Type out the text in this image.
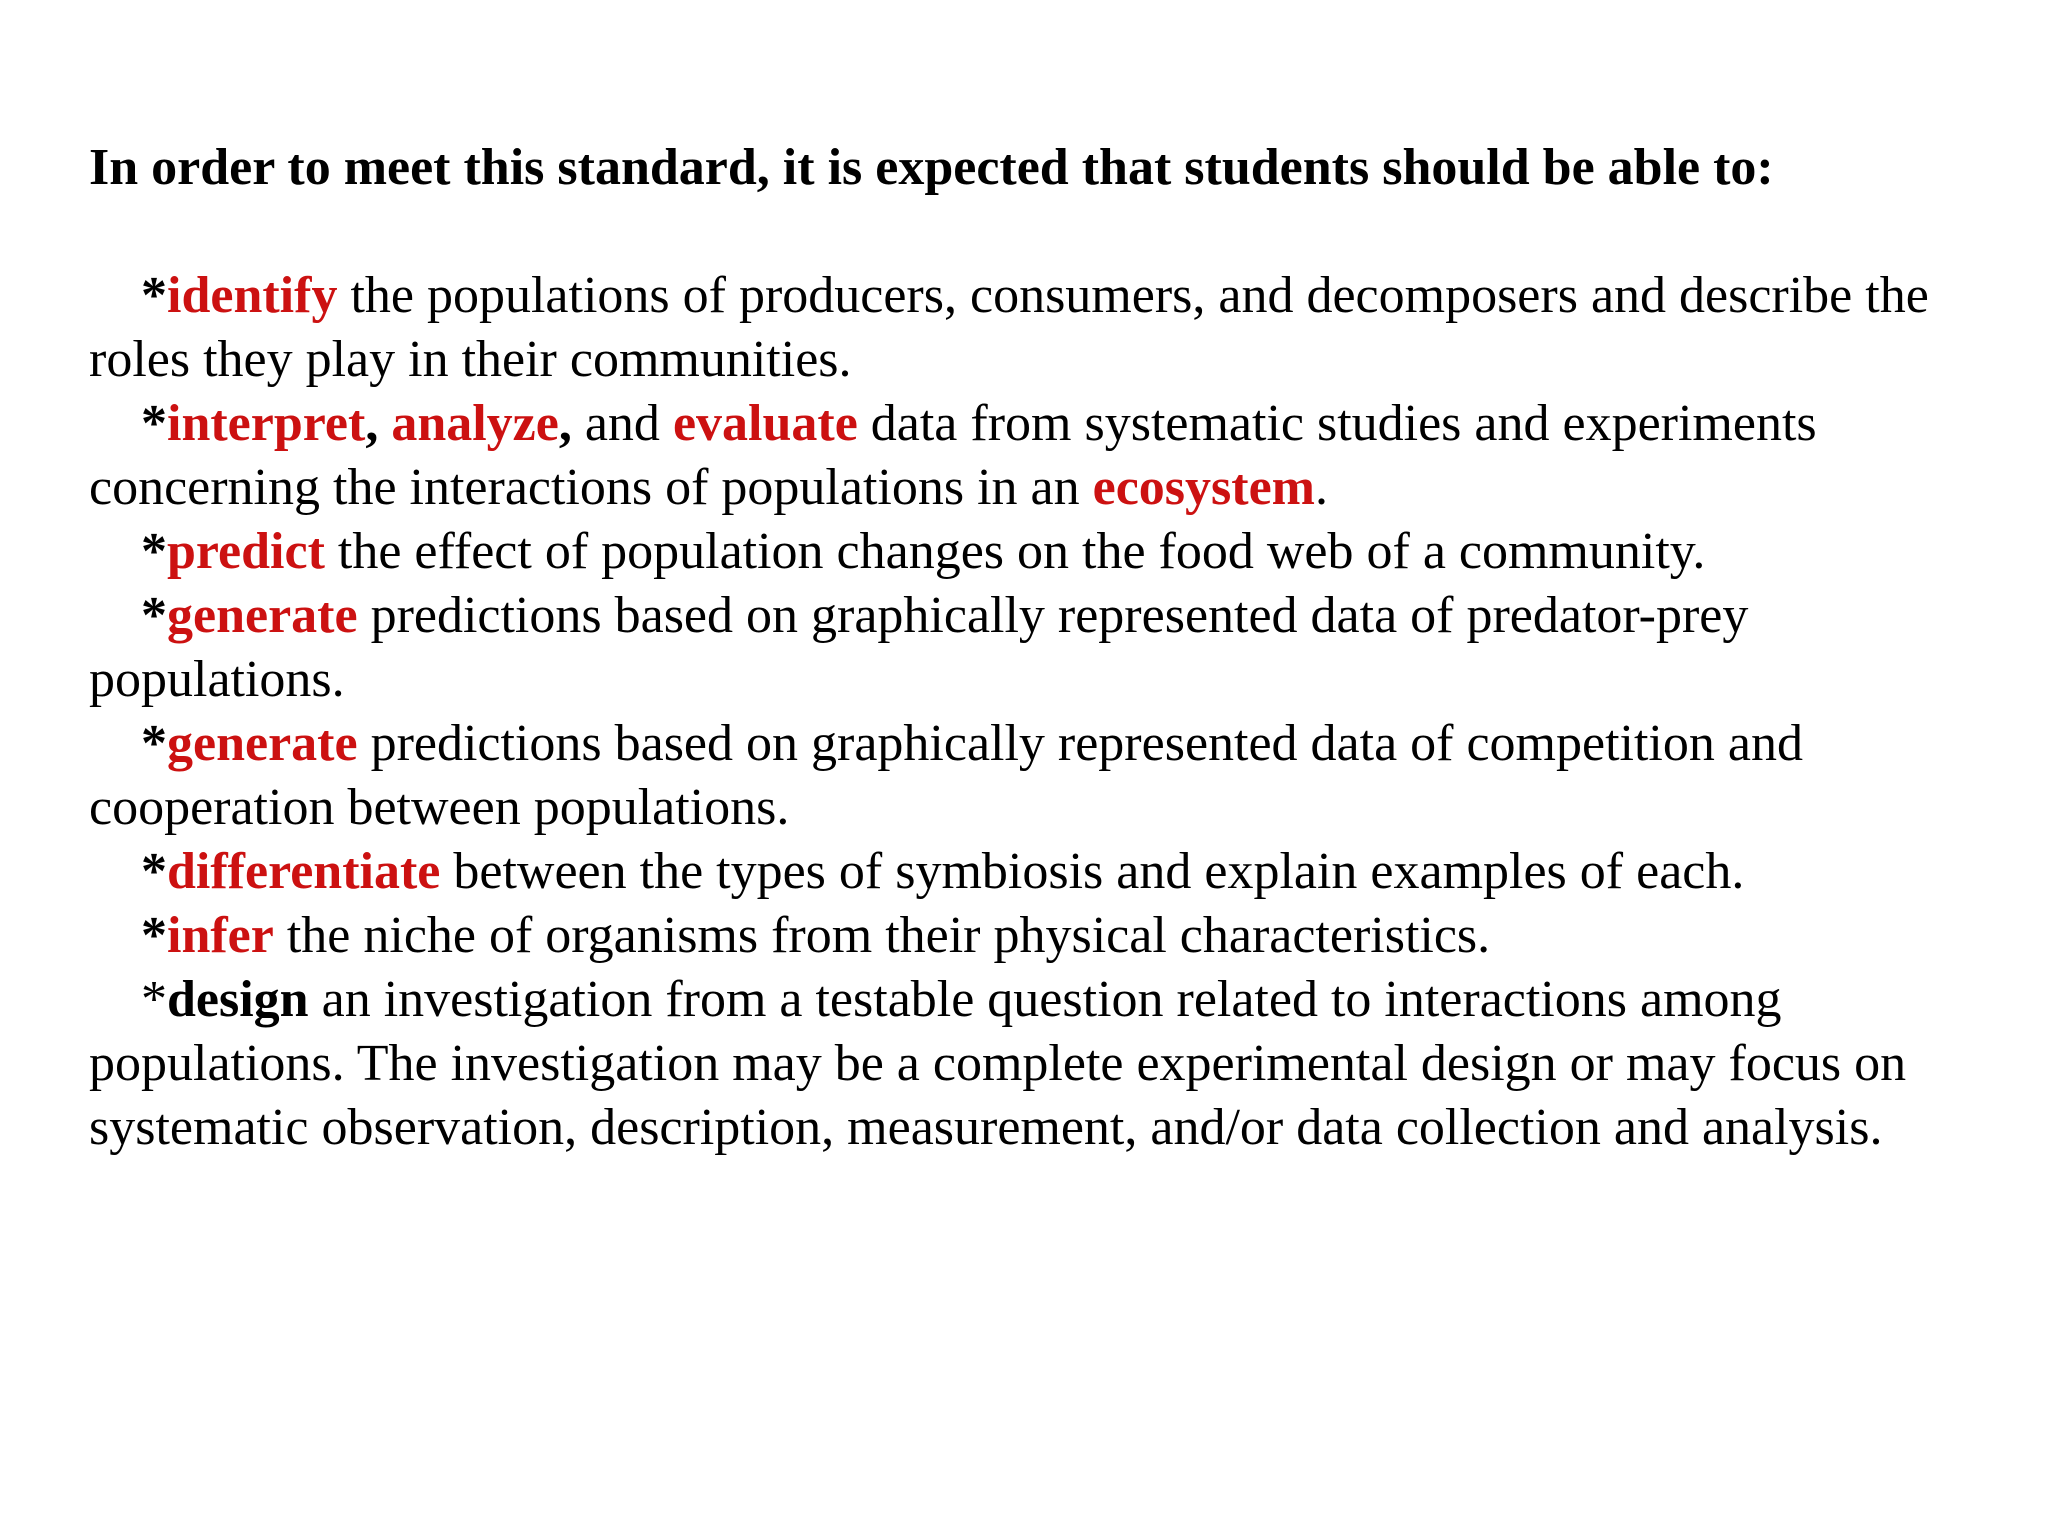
In order to meet this standard, it is expected that students should be able to:
*identify the populations of producers, consumers, and decomposers and describe the roles they play in their communities.
*interpret, analyze, and evaluate data from systematic studies and experiments concerning the interactions of populations in an ecosystem.
*predict the effect of population changes on the food web of a community.
*generate predictions based on graphically represented data of predator-prey populations.
*generate predictions based on graphically represented data of competition and cooperation between populations.
*differentiate between the types of symbiosis and explain examples of each.
*infer the niche of organisms from their physical characteristics.
*design an investigation from a testable question related to interactions among populations. The investigation may be a complete experimental design or may focus on systematic observation, description, measurement, and/or data collection and analysis.
